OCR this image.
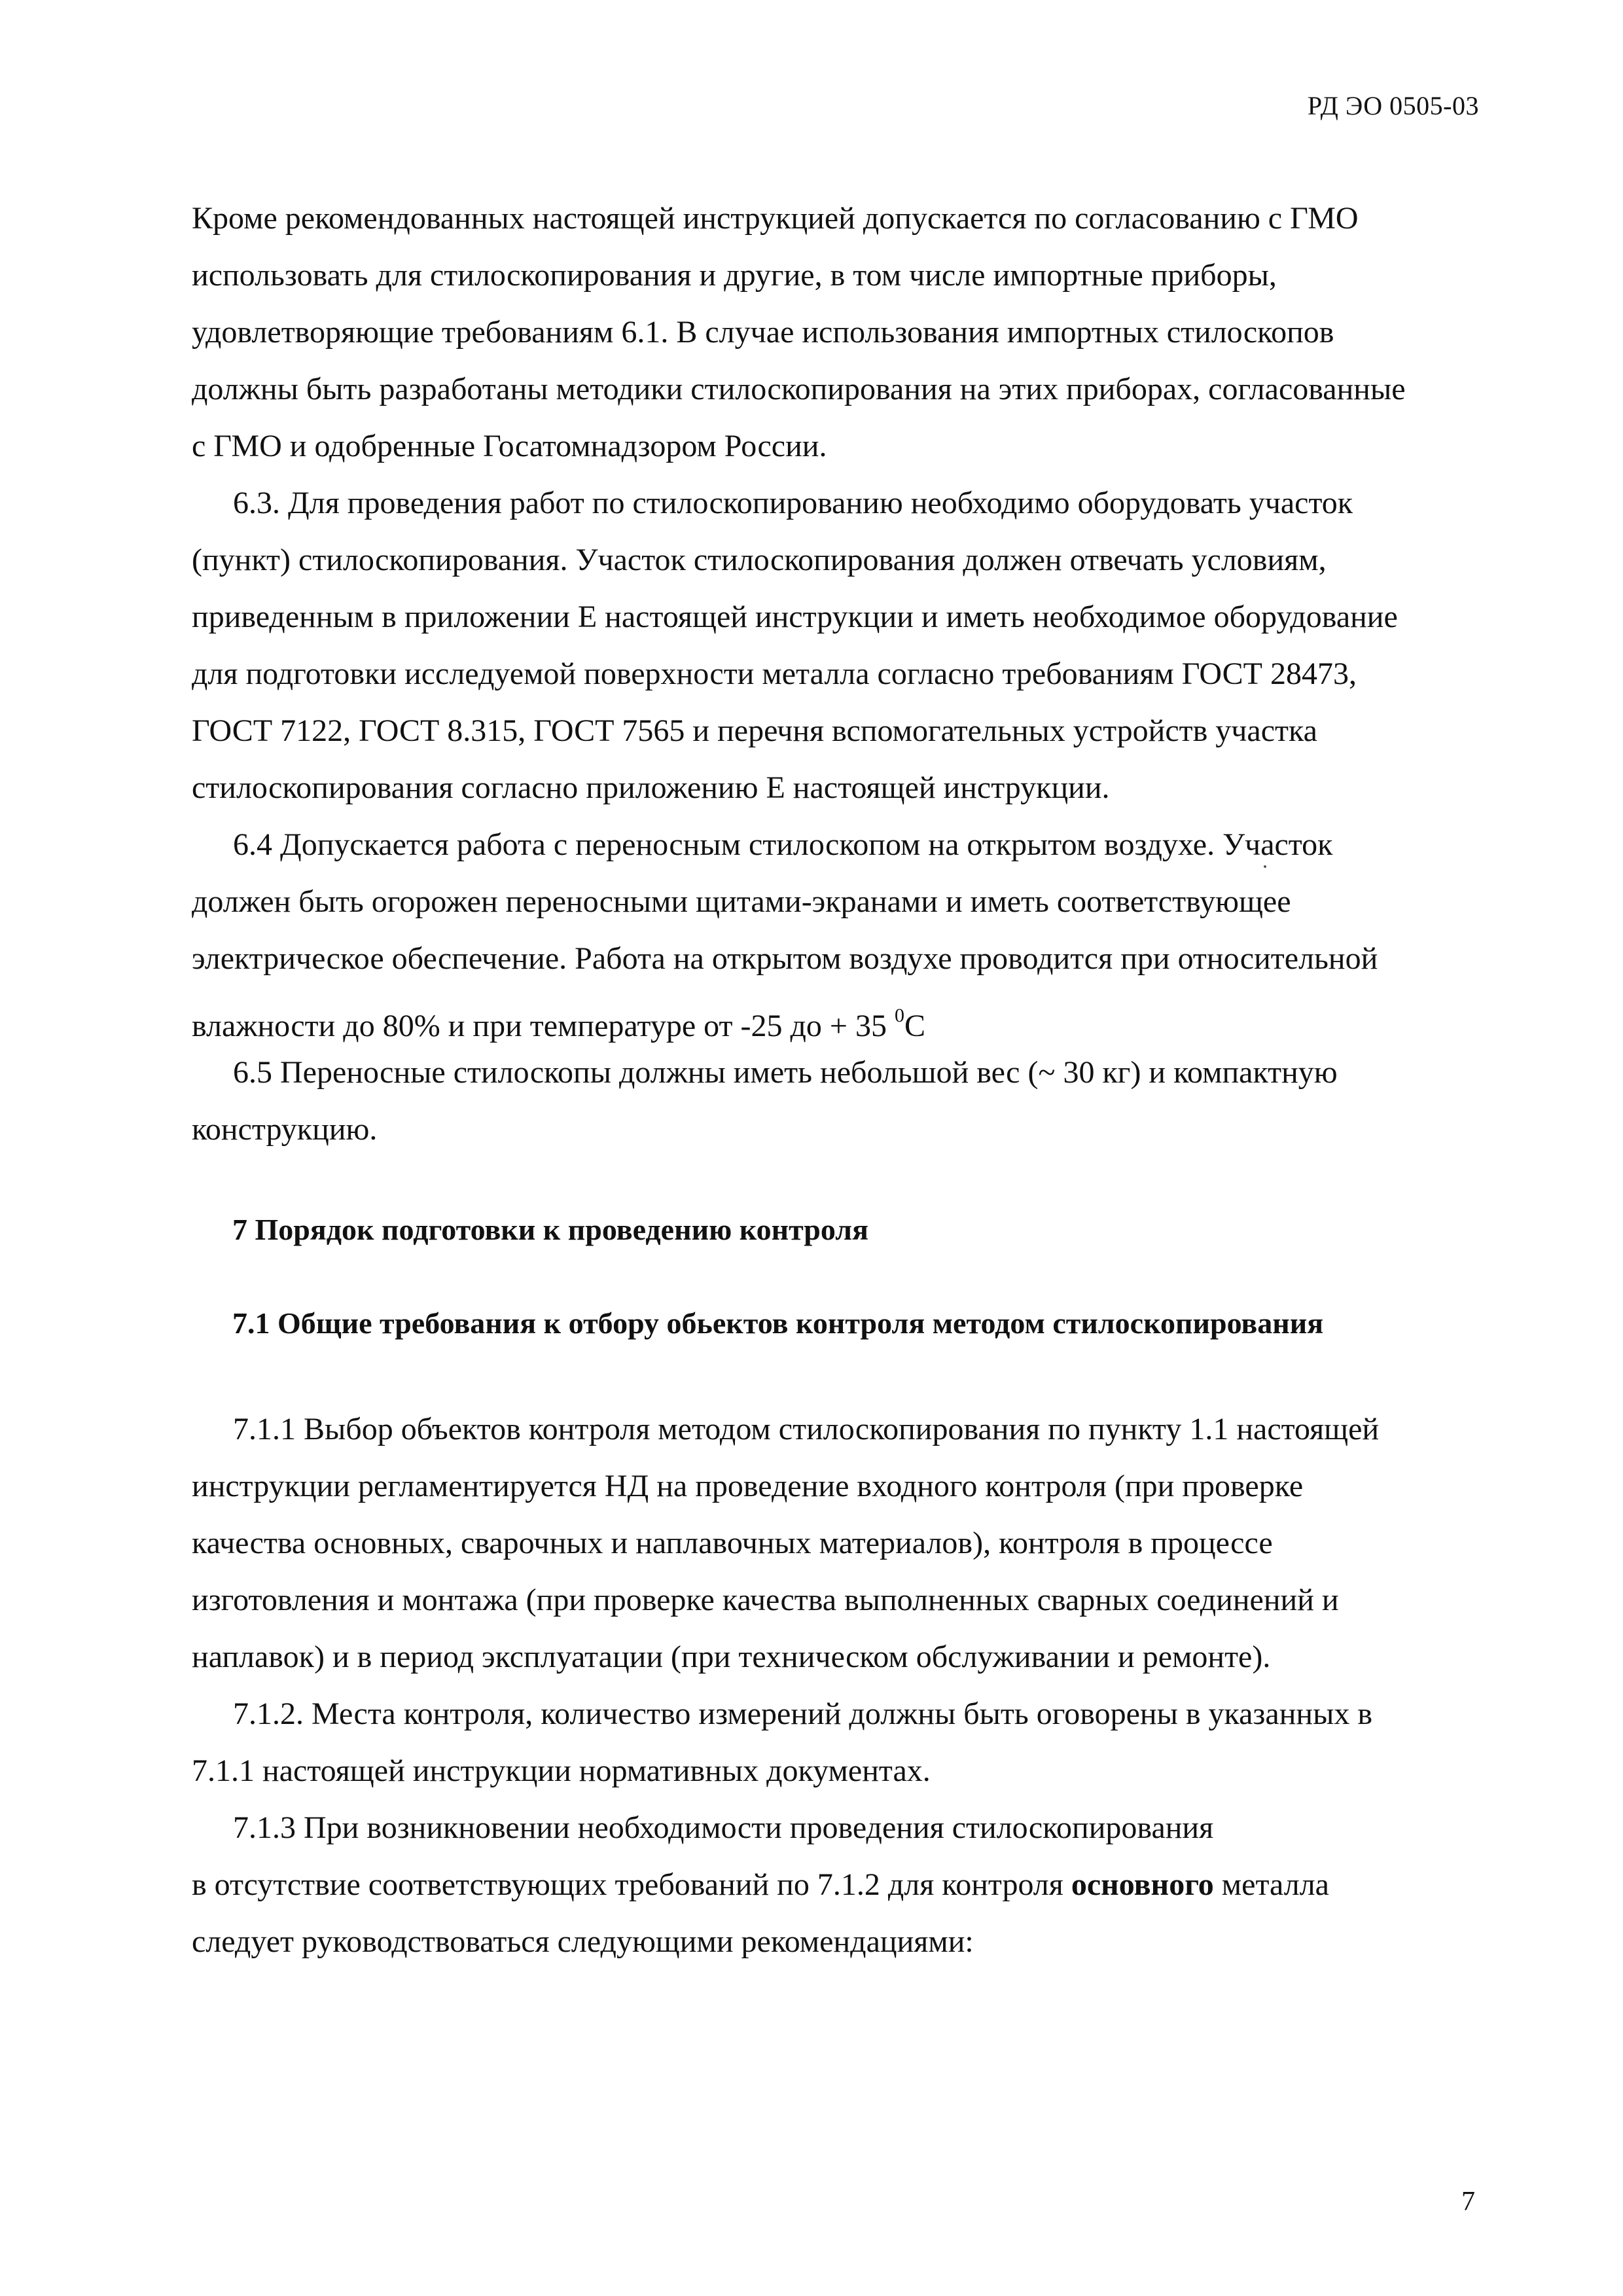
РД ЭО 0505-03
Кроме рекомендованных настоящей инструкцией допускается по согласованию с ГМО
использовать для стилоскопирования и другие, в том числе импортные приборы,
удовлетворяющие требованиям 6.1. В случае использования импортных стилоскопов
должны быть разработаны методики стилоскопирования на этих приборах, согласованные
с ГМО и одобренные Госатомнадзором России.
6.3. Для проведения работ по стилоскопированию необходимо оборудовать участок
(пункт) стилоскопирования. Участок стилоскопирования должен отвечать условиям,
приведенным в приложении Е настоящей инструкции и иметь необходимое оборудование
для подготовки исследуемой поверхности металла согласно требованиям ГОСТ 28473,
ГОСТ 7122, ГОСТ 8.315, ГОСТ 7565 и перечня вспомогательных устройств участка
стилоскопирования согласно приложению Е настоящей инструкции.
6.4 Допускается работа с переносным стилоскопом на открытом воздухе. Участок
должен быть огорожен переносными щитами-экранами и иметь соответствующее
электрическое обеспечение. Работа на открытом воздухе проводится при относительной
влажности до 80% и при температуре от -25 до + 35 $^0$С
6.5 Переносные стилоскопы должны иметь небольшой вес (~ 30 кг) и компактную
конструкцию.
7 Порядок подготовки к проведению контроля
7.1 Общие требования к отбору обьектов контроля методом стилоскопирования
7.1.1 Выбор объектов контроля методом стилоскопирования по пункту 1.1 настоящей
инструкции регламентируется НД на проведение входного контроля (при проверке
качества основных, сварочных и наплавочных материалов), контроля в процессе
изготовления и монтажа (при проверке качества выполненных сварных соединений и
наплавок) и в период эксплуатации (при техническом обслуживании и ремонте).
7.1.2. Места контроля, количество измерений должны быть оговорены в указанных в
7.1.1 настоящей инструкции нормативных документах.
7.1.3 При возникновении необходимости проведения стилоскопирования
в отсутствие соответствующих требований по 7.1.2 для контроля основного металла
следует руководствоваться следующими рекомендациями:
7
